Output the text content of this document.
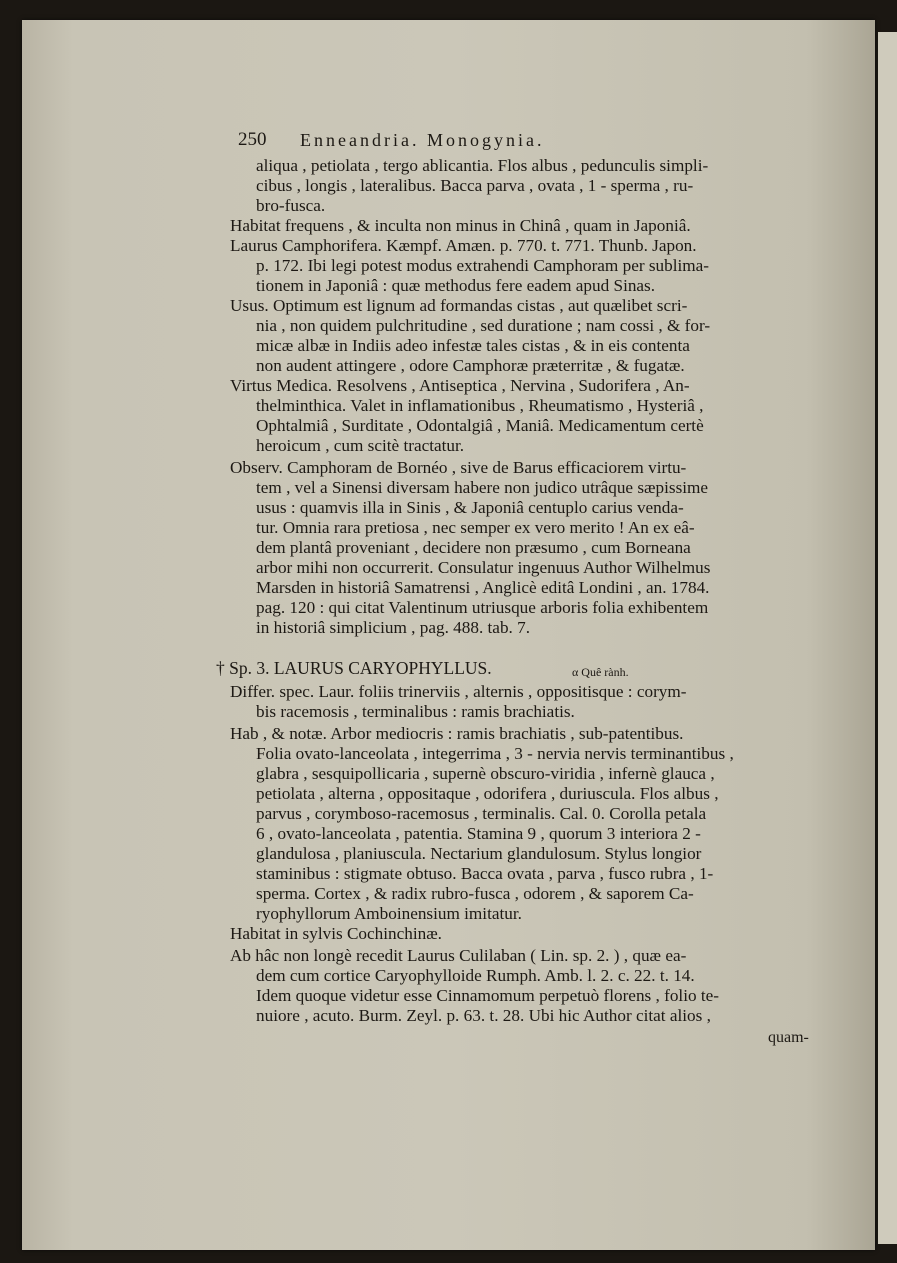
250 Enneandria. Monogynia.
aliqua , petiolata , tergo ablicantia. Flos albus , pedunculis simpli-
cibus , longis , lateralibus. Bacca parva , ovata , 1 - sperma , ru-
bro-fusca.
Habitat frequens , & inculta non minus in Chinâ , quam in Japoniâ.
Laurus Camphorifera. Kæmpf. Amæn. p. 770. t. 771. Thunb. Japon.
p. 172. Ibi legi potest modus extrahendi Camphoram per sublima-
tionem in Japoniâ : quæ methodus fere eadem apud Sinas.
Usus. Optimum est lignum ad formandas cistas , aut quælibet scri-
nia , non quidem pulchritudine , sed duratione ; nam cossi , & for-
micæ albæ in Indiis adeo infestæ tales cistas , & in eis contenta
non audent attingere , odore Camphoræ præterritæ , & fugatæ.
Virtus Medica. Resolvens , Antiseptica , Nervina , Sudorifera , An-
thelminthica. Valet in inflamationibus , Rheumatismo , Hysteriâ ,
Ophtalmiâ , Surditate , Odontalgiâ , Maniâ. Medicamentum certè
heroicum , cum scitè tractatur.
Observ. Camphoram de Bornéo , sive de Barus efficaciorem virtu-
tem , vel a Sinensi diversam habere non judico utrâque sæpissime
usus : quamvis illa in Sinis , & Japoniâ centuplo carius venda-
tur. Omnia rara pretiosa , nec semper ex vero merito ! An ex eâ-
dem plantâ proveniant , decidere non præsumo , cum Borneana
arbor mihi non occurrerit. Consulatur ingenuus Author Wilhelmus
Marsden in historiâ Samatrensi , Anglicè editâ Londini , an. 1784.
pag. 120 : qui citat Valentinum utriusque arboris folia exhibentem
in historiâ simplicium , pag. 488. tab. 7.
† Sp. 3. LAURUS CARYOPHYLLUS.	α Quê rành.
Differ. spec. Laur. foliis trinerviis , alternis , oppositisque : corym-
bis racemosis , terminalibus : ramis brachiatis.
Hab , & notæ. Arbor mediocris : ramis brachiatis , sub-patentibus.
Folia ovato-lanceolata , integerrima , 3 - nervia nervis terminantibus ,
glabra , sesquipollicaria , supernè obscuro-viridia , infernè glauca ,
petiolata , alterna , oppositaque , odorifera , duriuscula. Flos albus ,
parvus , corymboso-racemosus , terminalis. Cal. 0. Corolla petala
6 , ovato-lanceolata , patentia. Stamina 9 , quorum 3 interiora 2 -
glandulosa , planiuscula. Nectarium glandulosum. Stylus longior
staminibus : stigmate obtuso. Bacca ovata , parva , fusco rubra , 1-
sperma. Cortex , & radix rubro-fusca , odorem , & saporem Ca-
ryophyllorum Amboinensium imitatur.
Habitat in sylvis Cochinchinæ.
Ab hâc non longè recedit Laurus Culilaban ( Lin. sp. 2. ) , quæ ea-
dem cum cortice Caryophylloide Rumph. Amb. l. 2. c. 22. t. 14.
Idem quoque videtur esse Cinnamomum perpetuò florens , folio te-
nuiore , acuto. Burm. Zeyl. p. 63. t. 28. Ubi hic Author citat alios ,
quam-
